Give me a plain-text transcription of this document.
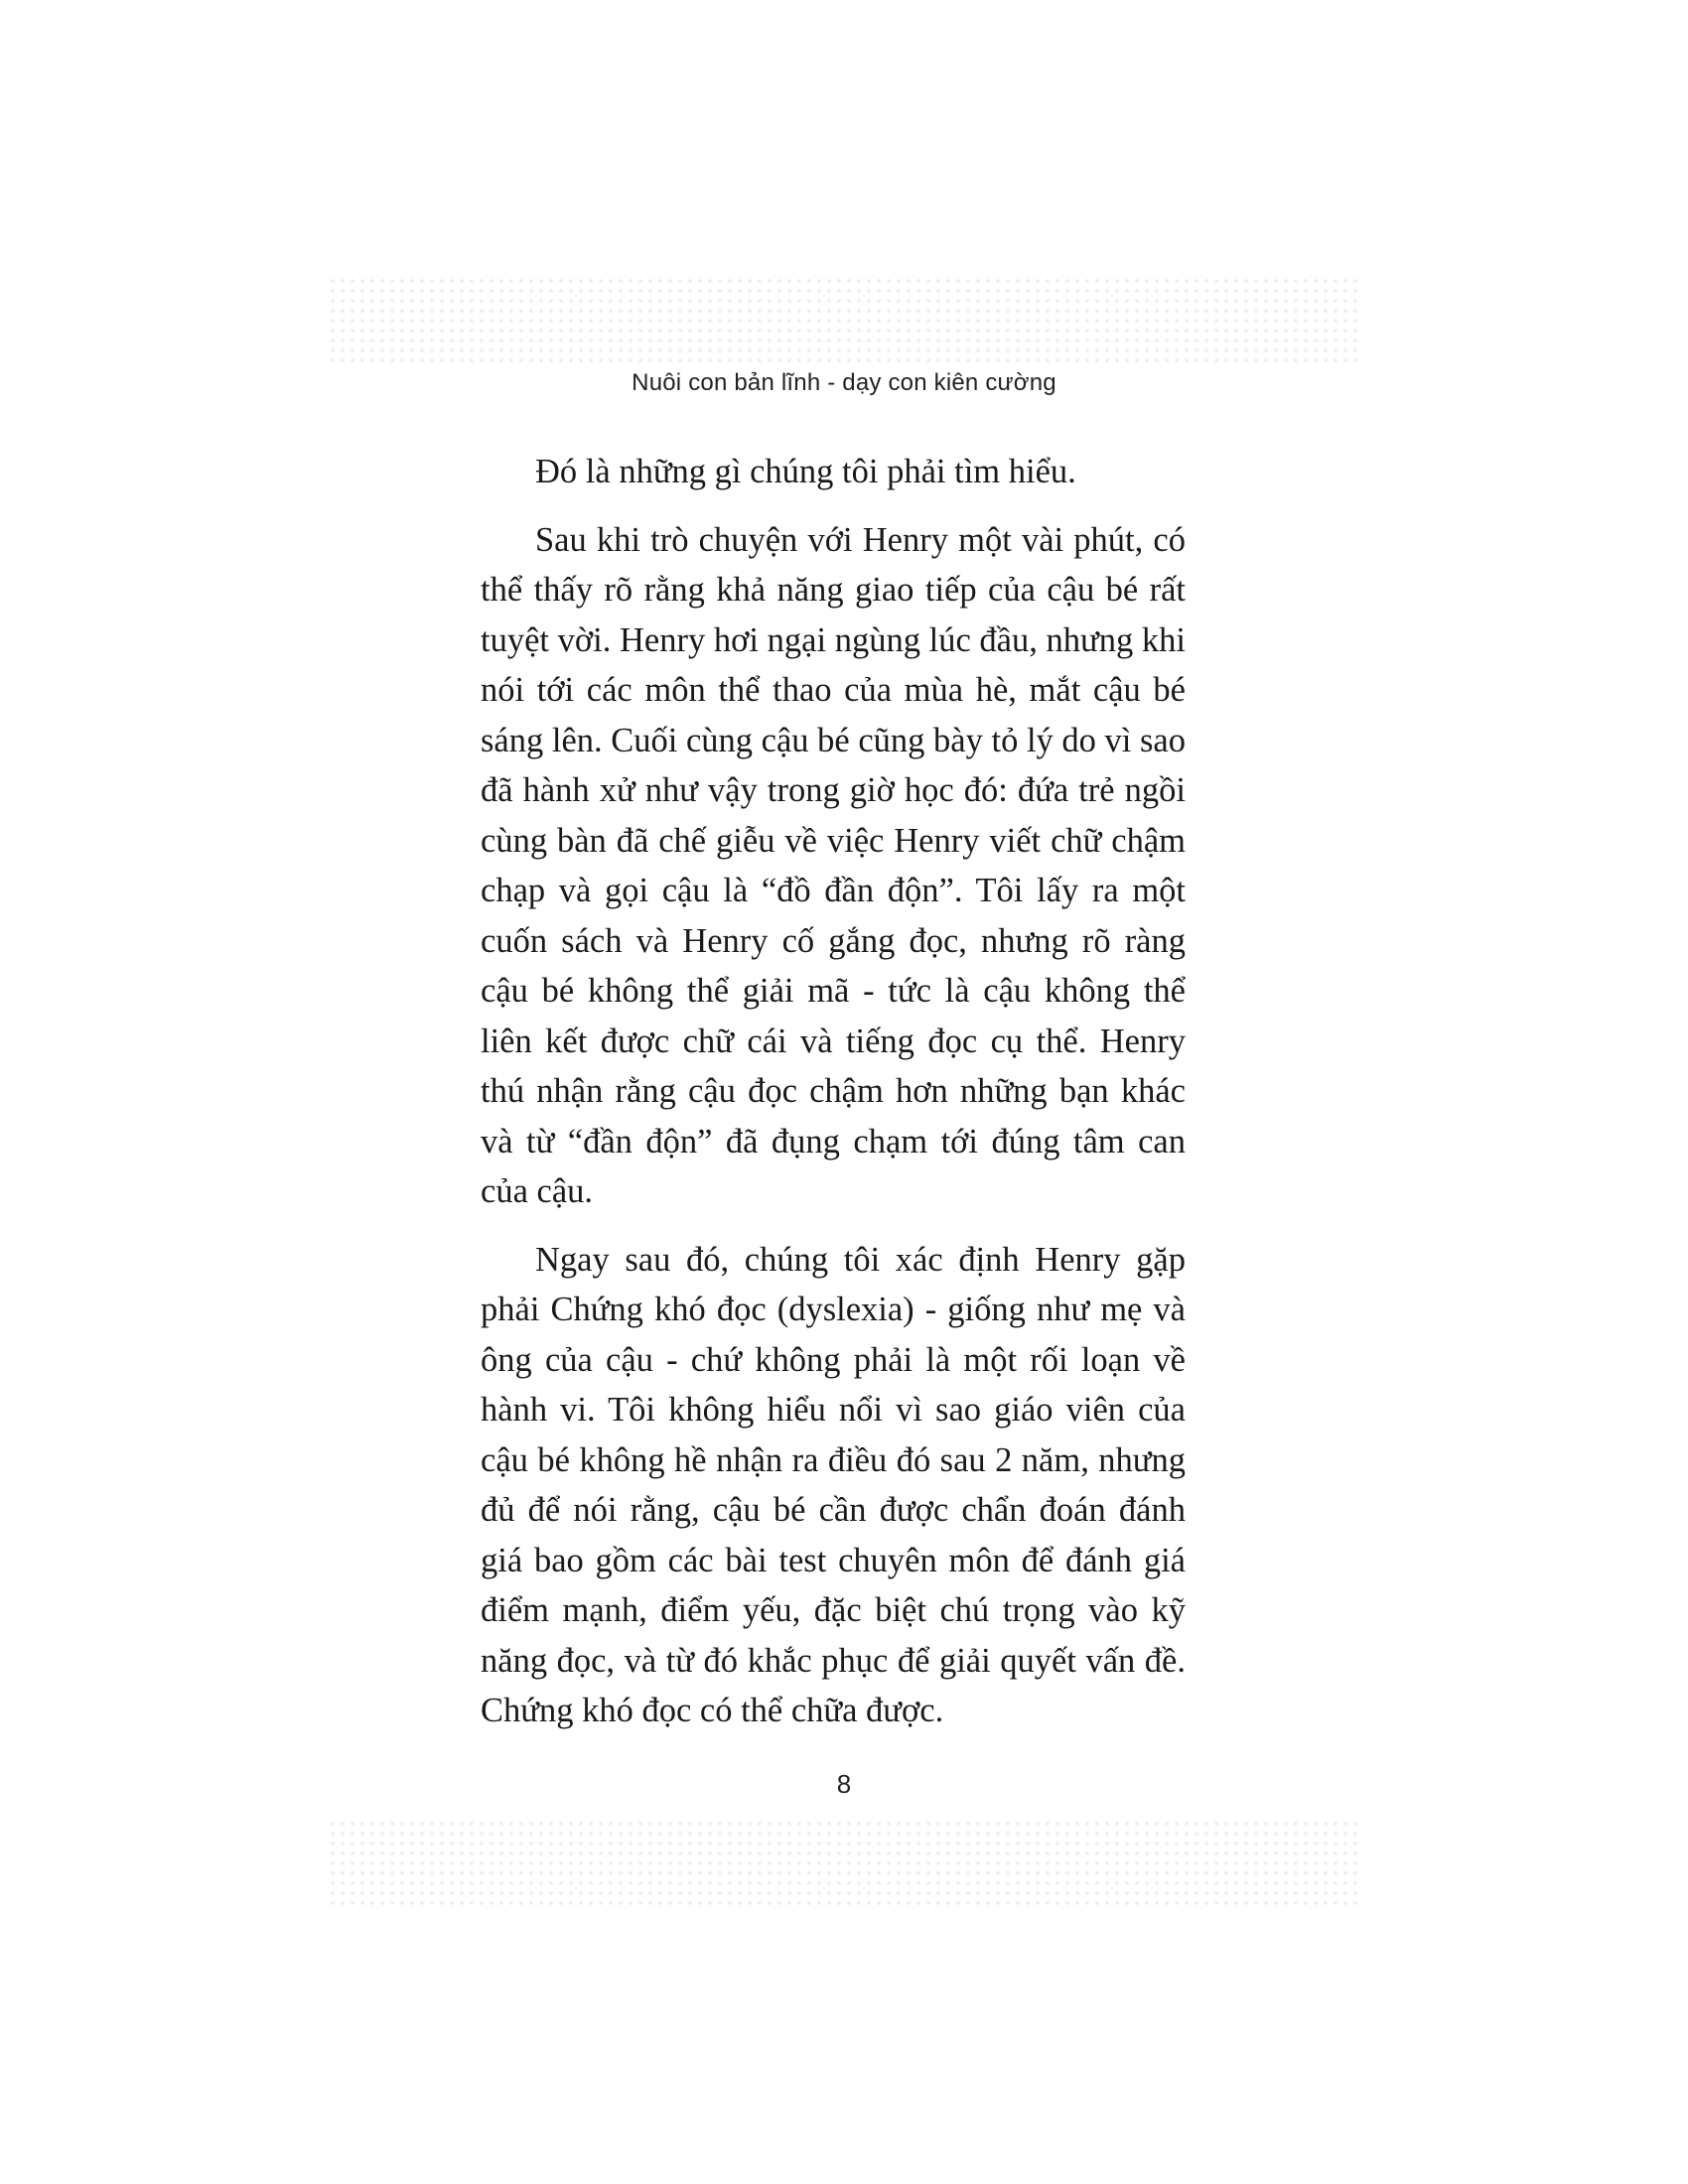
Nuôi con bản lĩnh - dạy con kiên cường

Đó là những gì chúng tôi phải tìm hiểu.

Sau khi trò chuyện với Henry một vài phút, có thể thấy rõ rằng khả năng giao tiếp của cậu bé rất tuyệt vời. Henry hơi ngại ngùng lúc đầu, nhưng khi nói tới các môn thể thao của mùa hè, mắt cậu bé sáng lên. Cuối cùng cậu bé cũng bày tỏ lý do vì sao đã hành xử như vậy trong giờ học đó: đứa trẻ ngồi cùng bàn đã chế giễu về việc Henry viết chữ chậm chạp và gọi cậu là “đồ đần độn”. Tôi lấy ra một cuốn sách và Henry cố gắng đọc, nhưng rõ ràng cậu bé không thể giải mã - tức là cậu không thể liên kết được chữ cái và tiếng đọc cụ thể. Henry thú nhận rằng cậu đọc chậm hơn những bạn khác và từ “đần độn” đã đụng chạm tới đúng tâm can của cậu.

Ngay sau đó, chúng tôi xác định Henry gặp phải Chứng khó đọc (dyslexia) - giống như mẹ và ông của cậu - chứ không phải là một rối loạn về hành vi. Tôi không hiểu nổi vì sao giáo viên của cậu bé không hề nhận ra điều đó sau 2 năm, nhưng đủ để nói rằng, cậu bé cần được chẩn đoán đánh giá bao gồm các bài test chuyên môn để đánh giá điểm mạnh, điểm yếu, đặc biệt chú trọng vào kỹ năng đọc, và từ đó khắc phục để giải quyết vấn đề. Chứng khó đọc có thể chữa được.

8
